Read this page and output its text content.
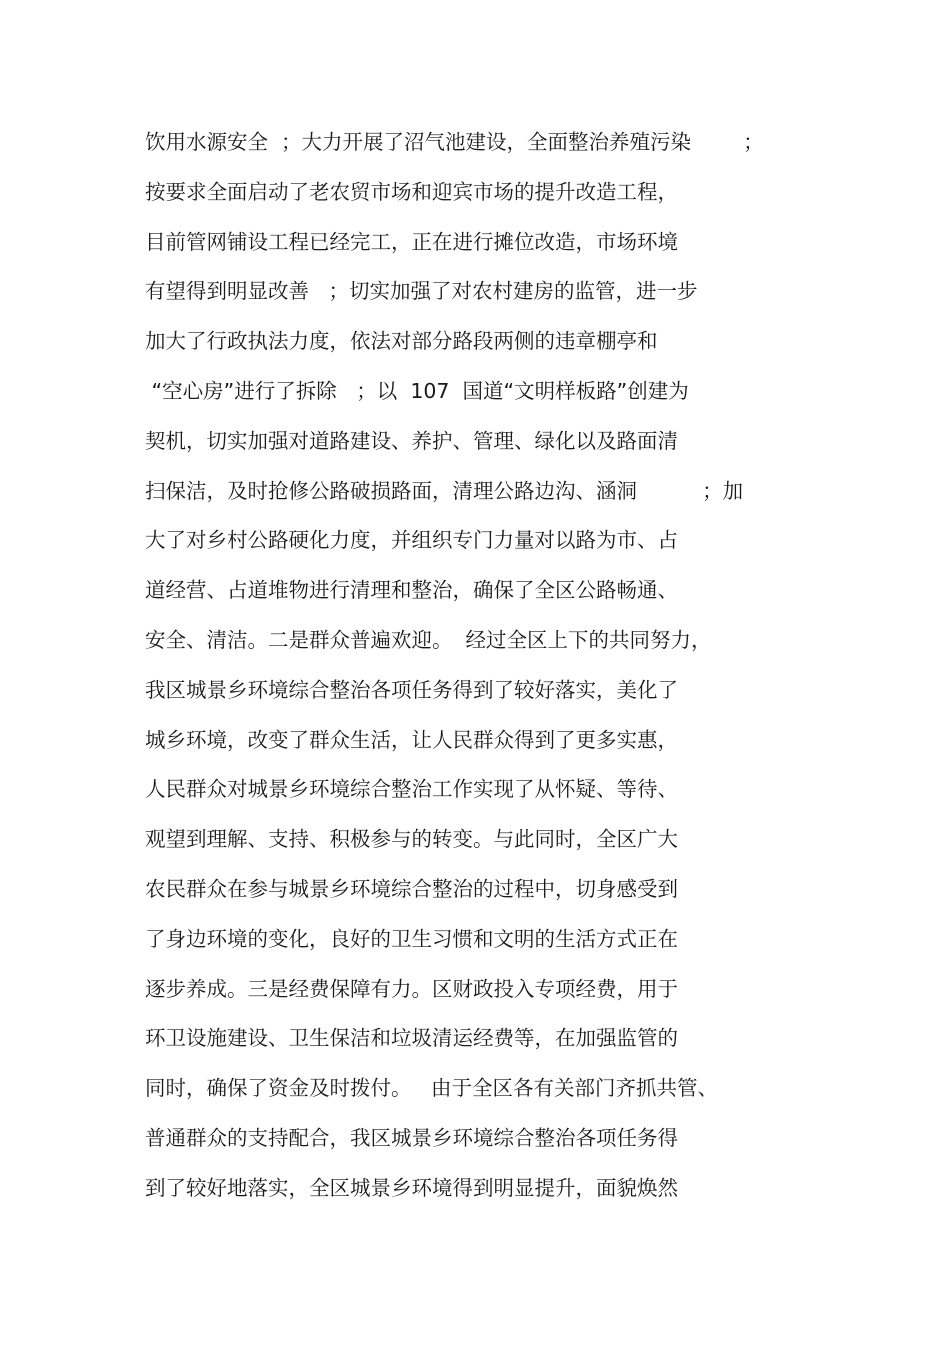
饮用水源安全  ；大力开展了沼气池建设，全面整治养殖污染        ；
按要求全面启动了老农贸市场和迎宾市场的提升改造工程，
目前管网铺设工程已经完工，正在进行摊位改造，市场环境
有望得到明显改善   ；切实加强了对农村建房的监管，进一步
加大了行政执法力度，依法对部分路段两侧的违章棚亭和
“空心房”进行了拆除   ；以  107  国道“文明样板路”创建为
契机，切实加强对道路建设、养护、管理、绿化以及路面清
扫保洁，及时抢修公路破损路面，清理公路边沟、涵洞          ；加
大了对乡村公路硬化力度，并组织专门力量对以路为市、占
道经营、占道堆物进行清理和整治，确保了全区公路畅通、
安全、清洁。二是群众普遍欢迎。  经过全区上下的共同努力，
我区城景乡环境综合整治各项任务得到了较好落实，美化了
城乡环境，改变了群众生活，让人民群众得到了更多实惠，
人民群众对城景乡环境综合整治工作实现了从怀疑、等待、
观望到理解、支持、积极参与的转变。与此同时，全区广大
农民群众在参与城景乡环境综合整治的过程中，切身感受到
了身边环境的变化，良好的卫生习惯和文明的生活方式正在
逐步养成。三是经费保障有力。区财政投入专项经费，用于
环卫设施建设、卫生保洁和垃圾清运经费等，在加强监管的
同时，确保了资金及时拨付。   由于全区各有关部门齐抓共管、
普通群众的支持配合，我区城景乡环境综合整治各项任务得
到了较好地落实，全区城景乡环境得到明显提升，面貌焕然
